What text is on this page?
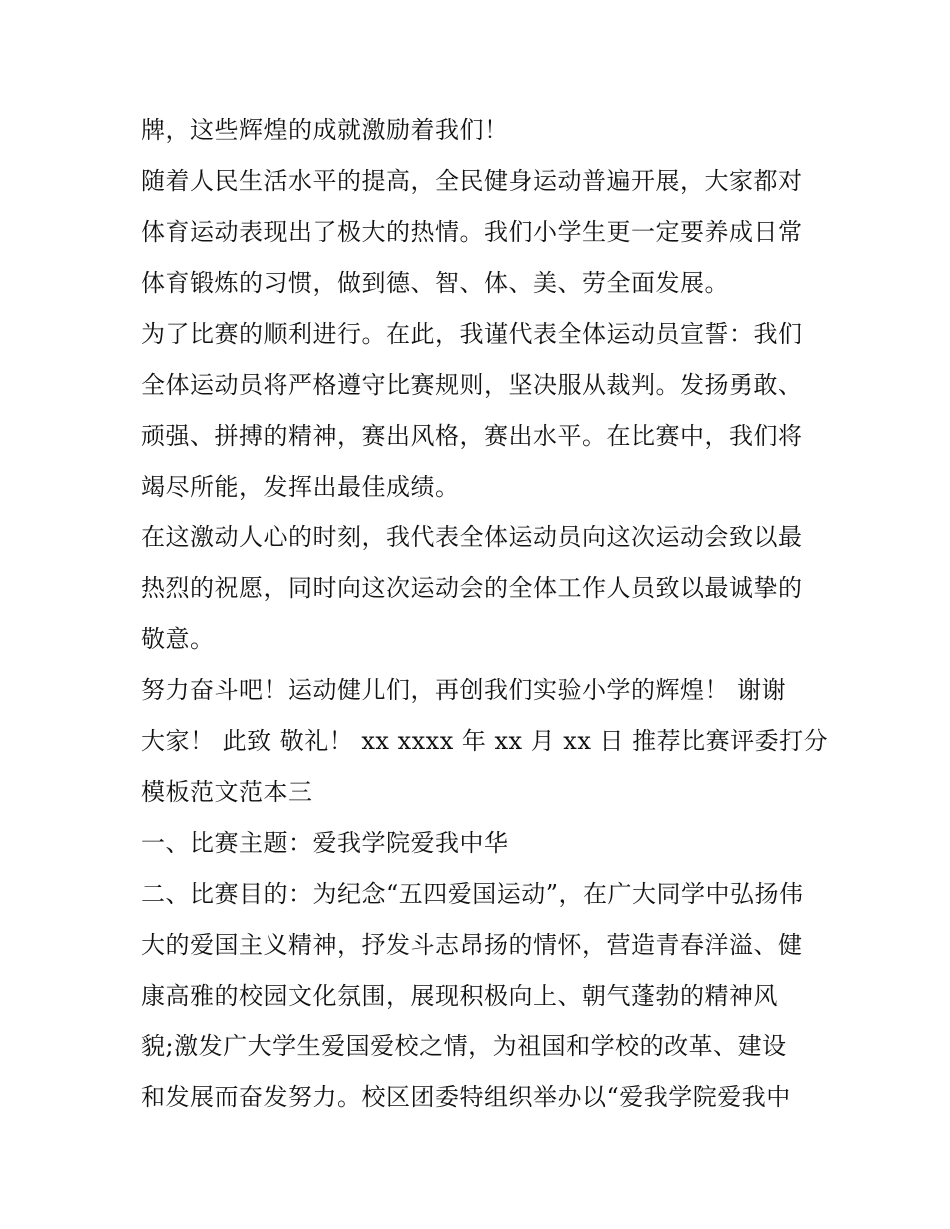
牌，这些辉煌的成就激励着我们！
随着人民生活水平的提高，全民健身运动普遍开展，大家都对
体育运动表现出了极大的热情。我们小学生更一定要养成日常
体育锻炼的习惯，做到德、智、体、美、劳全面发展。
为了比赛的顺利进行。在此，我谨代表全体运动员宣誓：我们
全体运动员将严格遵守比赛规则，坚决服从裁判。发扬勇敢、
顽强、拼搏的精神，赛出风格，赛出水平。在比赛中，我们将
竭尽所能，发挥出最佳成绩。
在这激动人心的时刻，我代表全体运动员向这次运动会致以最
热烈的祝愿，同时向这次运动会的全体工作人员致以最诚挚的
敬意。
努力奋斗吧！运动健儿们，再创我们实验小学的辉煌！ 谢谢
大家！ 此致 敬礼！ xx xxxx 年 xx 月 xx 日 推荐比赛评委打分
模板范文范本三
一、比赛主题：爱我学院爱我中华
二、比赛目的：为纪念“五四爱国运动”，在广大同学中弘扬伟
大的爱国主义精神，抒发斗志昂扬的情怀，营造青春洋溢、健
康高雅的校园文化氛围，展现积极向上、朝气蓬勃的精神风
貌;激发广大学生爱国爱校之情，为祖国和学校的改革、建设
和发展而奋发努力。校区团委特组织举办以“爱我学院爱我中
